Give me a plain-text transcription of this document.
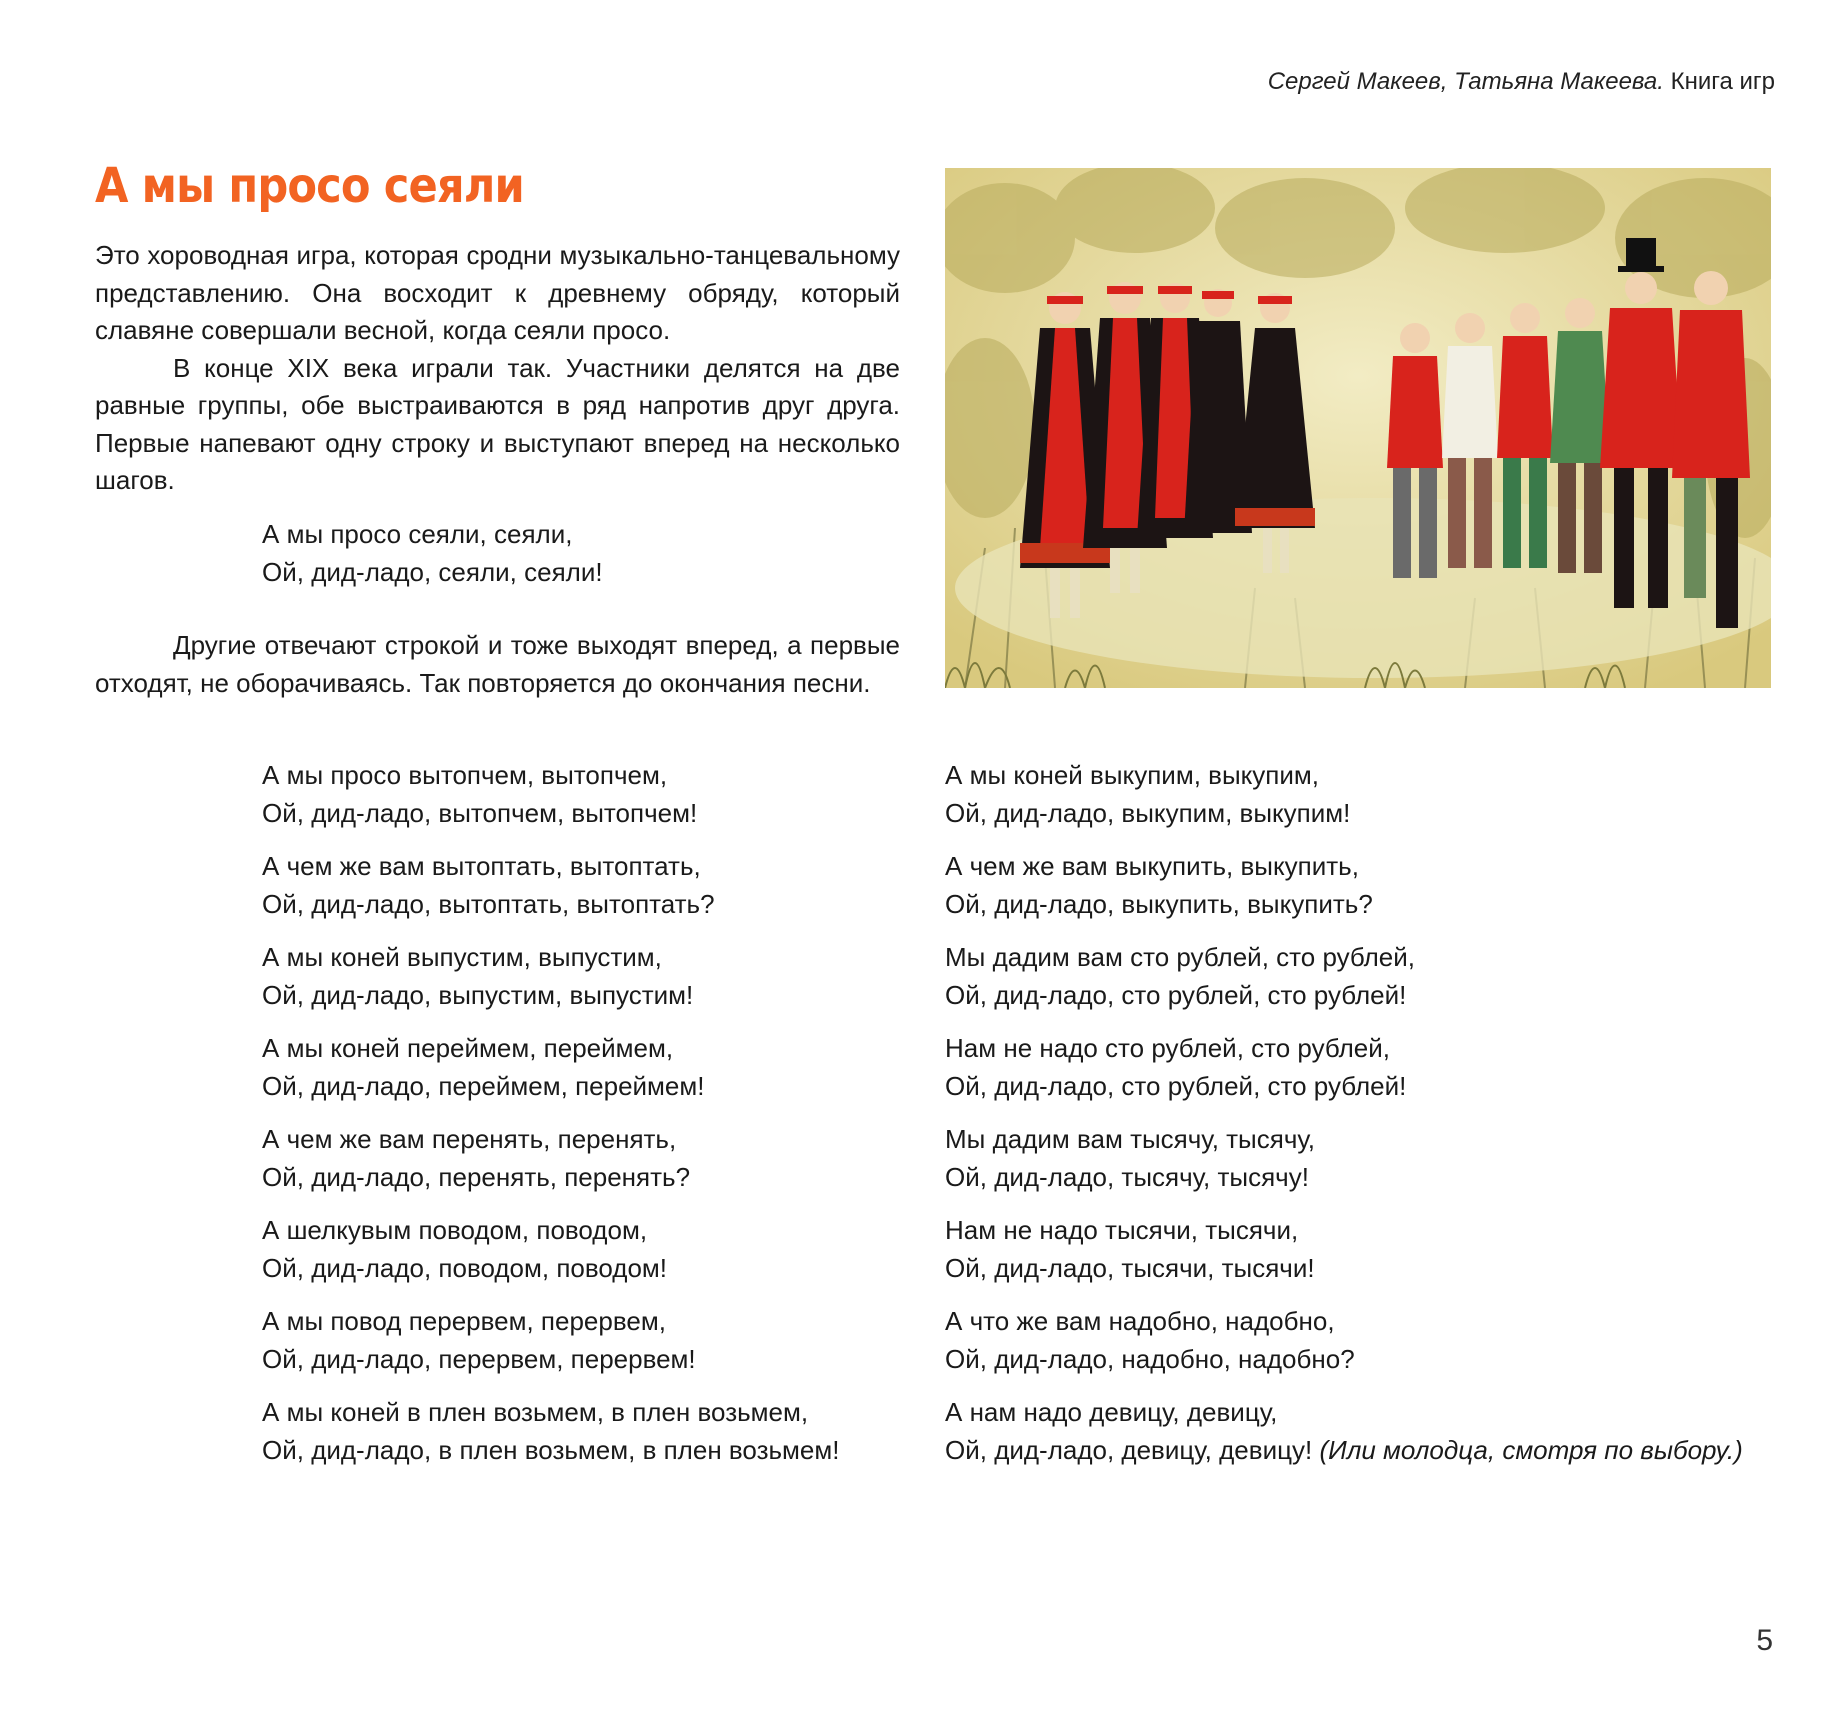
Сергей Макеев, Татьяна Макеева. Книга игр
А мы просо сеяли

Это хороводная игра, которая сродни музыкально-танцевальному представлению. Она восходит к древнему обряду, который славяне совершали весной, когда сеяли просо.

В конце XIX века играли так. Участники делятся на две равные группы, обе выстраиваются в ряд напротив друг друга. Первые напевают одну строку и выступают вперед на несколько шагов.

А мы просо сеяли, сеяли,
Ой, дид-ладо, сеяли, сеяли!

Другие отвечают строкой и тоже выходят вперед, а первые отходят, не оборачиваясь. Так повторяется до окончания песни.

А мы просо вытопчем, вытопчем,
Ой, дид-ладо, вытопчем, вытопчем!
А чем же вам вытоптать, вытоптать,
Ой, дид-ладо, вытоптать, вытоптать?
А мы коней выпустим, выпустим,
Ой, дид-ладо, выпустим, выпустим!
А мы коней переймем, переймем,
Ой, дид-ладо, переймем, переймем!
А чем же вам перенять, перенять,
Ой, дид-ладо, перенять, перенять?
А шелкувым поводом, поводом,
Ой, дид-ладо, поводом, поводом!
А мы повод перервем, перервем,
Ой, дид-ладо, перервем, перервем!
А мы коней в плен возьмем, в плен возьмем,
Ой, дид-ладо, в плен возьмем, в плен возьмем!
А мы коней выкупим, выкупим,
Ой, дид-ладо, выкупим, выкупим!
А чем же вам выкупить, выкупить,
Ой, дид-ладо, выкупить, выкупить?
Мы дадим вам сто рублей, сто рублей,
Ой, дид-ладо, сто рублей, сто рублей!
Нам не надо сто рублей, сто рублей,
Ой, дид-ладо, сто рублей, сто рублей!
Мы дадим вам тысячу, тысячу,
Ой, дид-ладо, тысячу, тысячу!
Нам не надо тысячи, тысячи,
Ой, дид-ладо, тысячи, тысячи!
А что же вам надобно, надобно,
Ой, дид-ладо, надобно, надобно?
А нам надо девицу, девицу,
Ой, дид-ладо, девицу, девицу! (Или молодца, смотря по выбору.)
5
